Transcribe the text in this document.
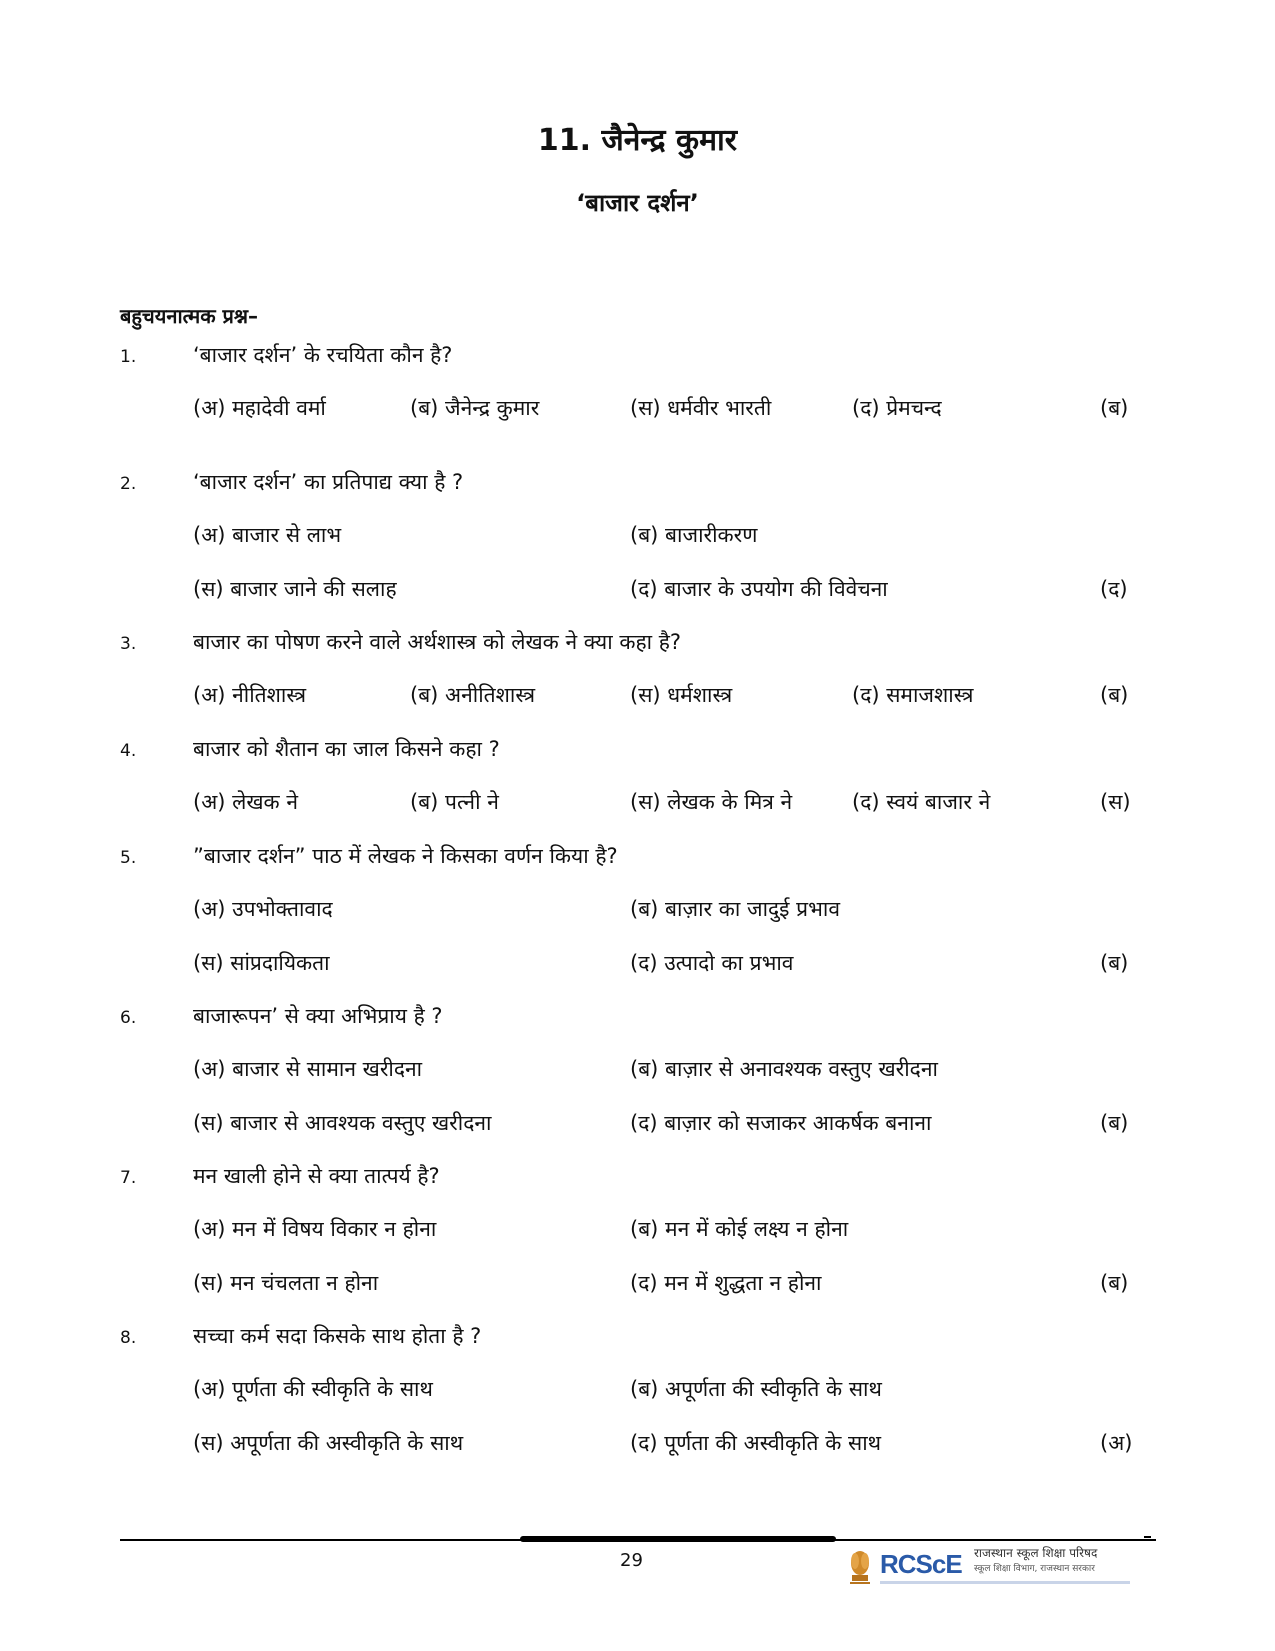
11. जैनेन्द्र कुमार
‘बाजार दर्शन’
बहुचयनात्मक प्रश्न–
1.	‘बाजार दर्शन’ के रचयिता कौन है?
(अ) महादेवी वर्मा	(ब) जैनेन्द्र कुमार	(स) धर्मवीर भारती	(द) प्रेमचन्द	(ब)
2.	‘बाजार दर्शन’ का प्रतिपाद्य क्या है ?
(अ) बाजार से लाभ	(ब) बाजारीकरण
(स) बाजार जाने की सलाह	(द) बाजार के उपयोग की विवेचना	(द)
3.	बाजार का पोषण करने वाले अर्थशास्त्र को लेखक ने क्या कहा है?
(अ) नीतिशास्त्र	(ब) अनीतिशास्त्र	(स) धर्मशास्त्र	(द) समाजशास्त्र	(ब)
4.	बाजार को शैतान का जाल किसने कहा ?
(अ) लेखक ने	(ब) पत्नी ने	(स) लेखक के मित्र ने	(द) स्वयं बाजार ने	(स)
5.	”बाजार दर्शन” पाठ में लेखक ने किसका वर्णन किया है?
(अ) उपभोक्तावाद	(ब) बाज़ार का जादुई प्रभाव
(स) सांप्रदायिकता	(द) उत्पादो का प्रभाव	(ब)
6.	बाजारूपन’ से क्या अभिप्राय है ?
(अ) बाजार से सामान खरीदना	(ब) बाज़ार से अनावश्यक वस्तुए खरीदना
(स) बाजार से आवश्यक वस्तुए खरीदना	(द) बाज़ार को सजाकर आकर्षक बनाना	(ब)
7.	मन खाली होने से क्या तात्पर्य है?
(अ) मन में विषय विकार न होना	(ब) मन में कोई लक्ष्य न होना
(स) मन चंचलता न होना	(द) मन में शुद्धता न होना	(ब)
8.	सच्चा कर्म सदा किसके साथ होता है ?
(अ) पूर्णता की स्वीकृति के साथ	(ब) अपूर्णता की स्वीकृति के साथ
(स) अपूर्णता की अस्वीकृति के साथ	(द) पूर्णता की अस्वीकृति के साथ	(अ)
29	RCScE राजस्थान स्कूल शिक्षा परिषद
स्कूल शिक्षा विभाग, राजस्थान सरकार
